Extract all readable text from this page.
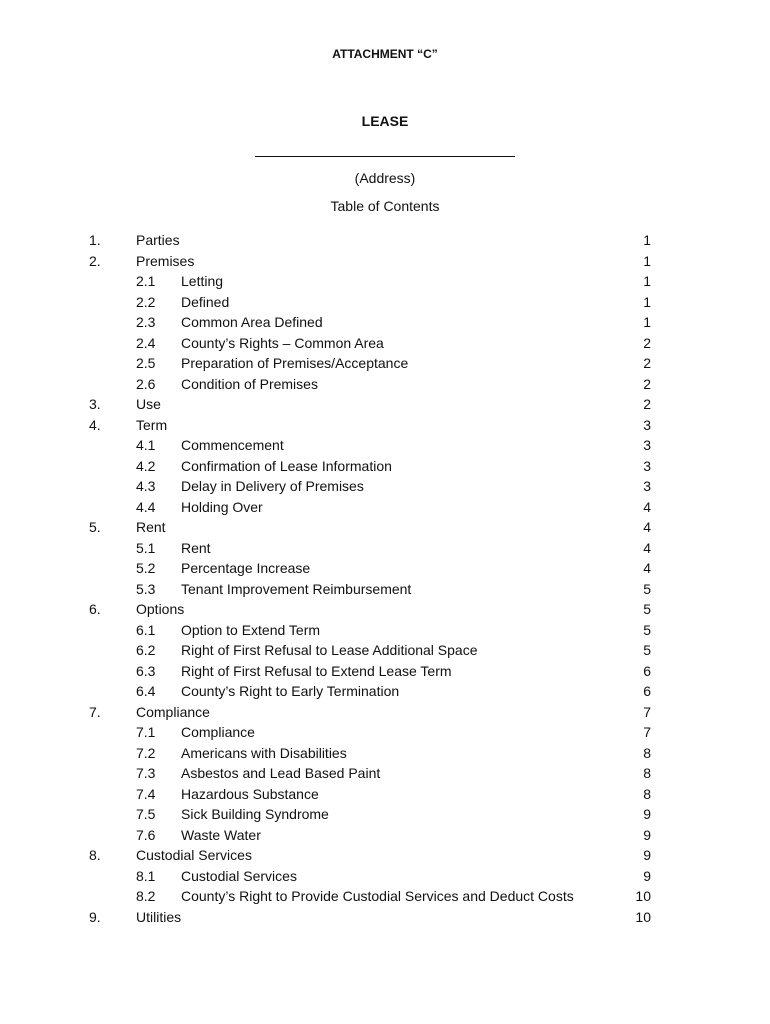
ATTACHMENT “C”
LEASE
(Address)
Table of Contents
1.	Parties	1
2.	Premises	1
2.1 Letting	1
2.2 Defined	1
2.3 Common Area Defined	1
2.4 County’s Rights – Common Area	2
2.5 Preparation of Premises/Acceptance	2
2.6 Condition of Premises	2
3.	Use	2
4.	Term	3
4.1 Commencement	3
4.2 Confirmation of Lease Information	3
4.3 Delay in Delivery of Premises	3
4.4 Holding Over	4
5.	Rent	4
5.1 Rent	4
5.2 Percentage Increase	4
5.3 Tenant Improvement Reimbursement	5
6.	Options	5
6.1 Option to Extend Term	5
6.2 Right of First Refusal to Lease Additional Space	5
6.3 Right of First Refusal to Extend Lease Term	6
6.4 County’s Right to Early Termination	6
7.	Compliance	7
7.1 Compliance	7
7.2 Americans with Disabilities	8
7.3 Asbestos and Lead Based Paint	8
7.4 Hazardous Substance	8
7.5 Sick Building Syndrome	9
7.6 Waste Water	9
8.	Custodial Services	9
8.1 Custodial Services	9
8.2 County’s Right to Provide Custodial Services and Deduct Costs	10
9.	Utilities	10
